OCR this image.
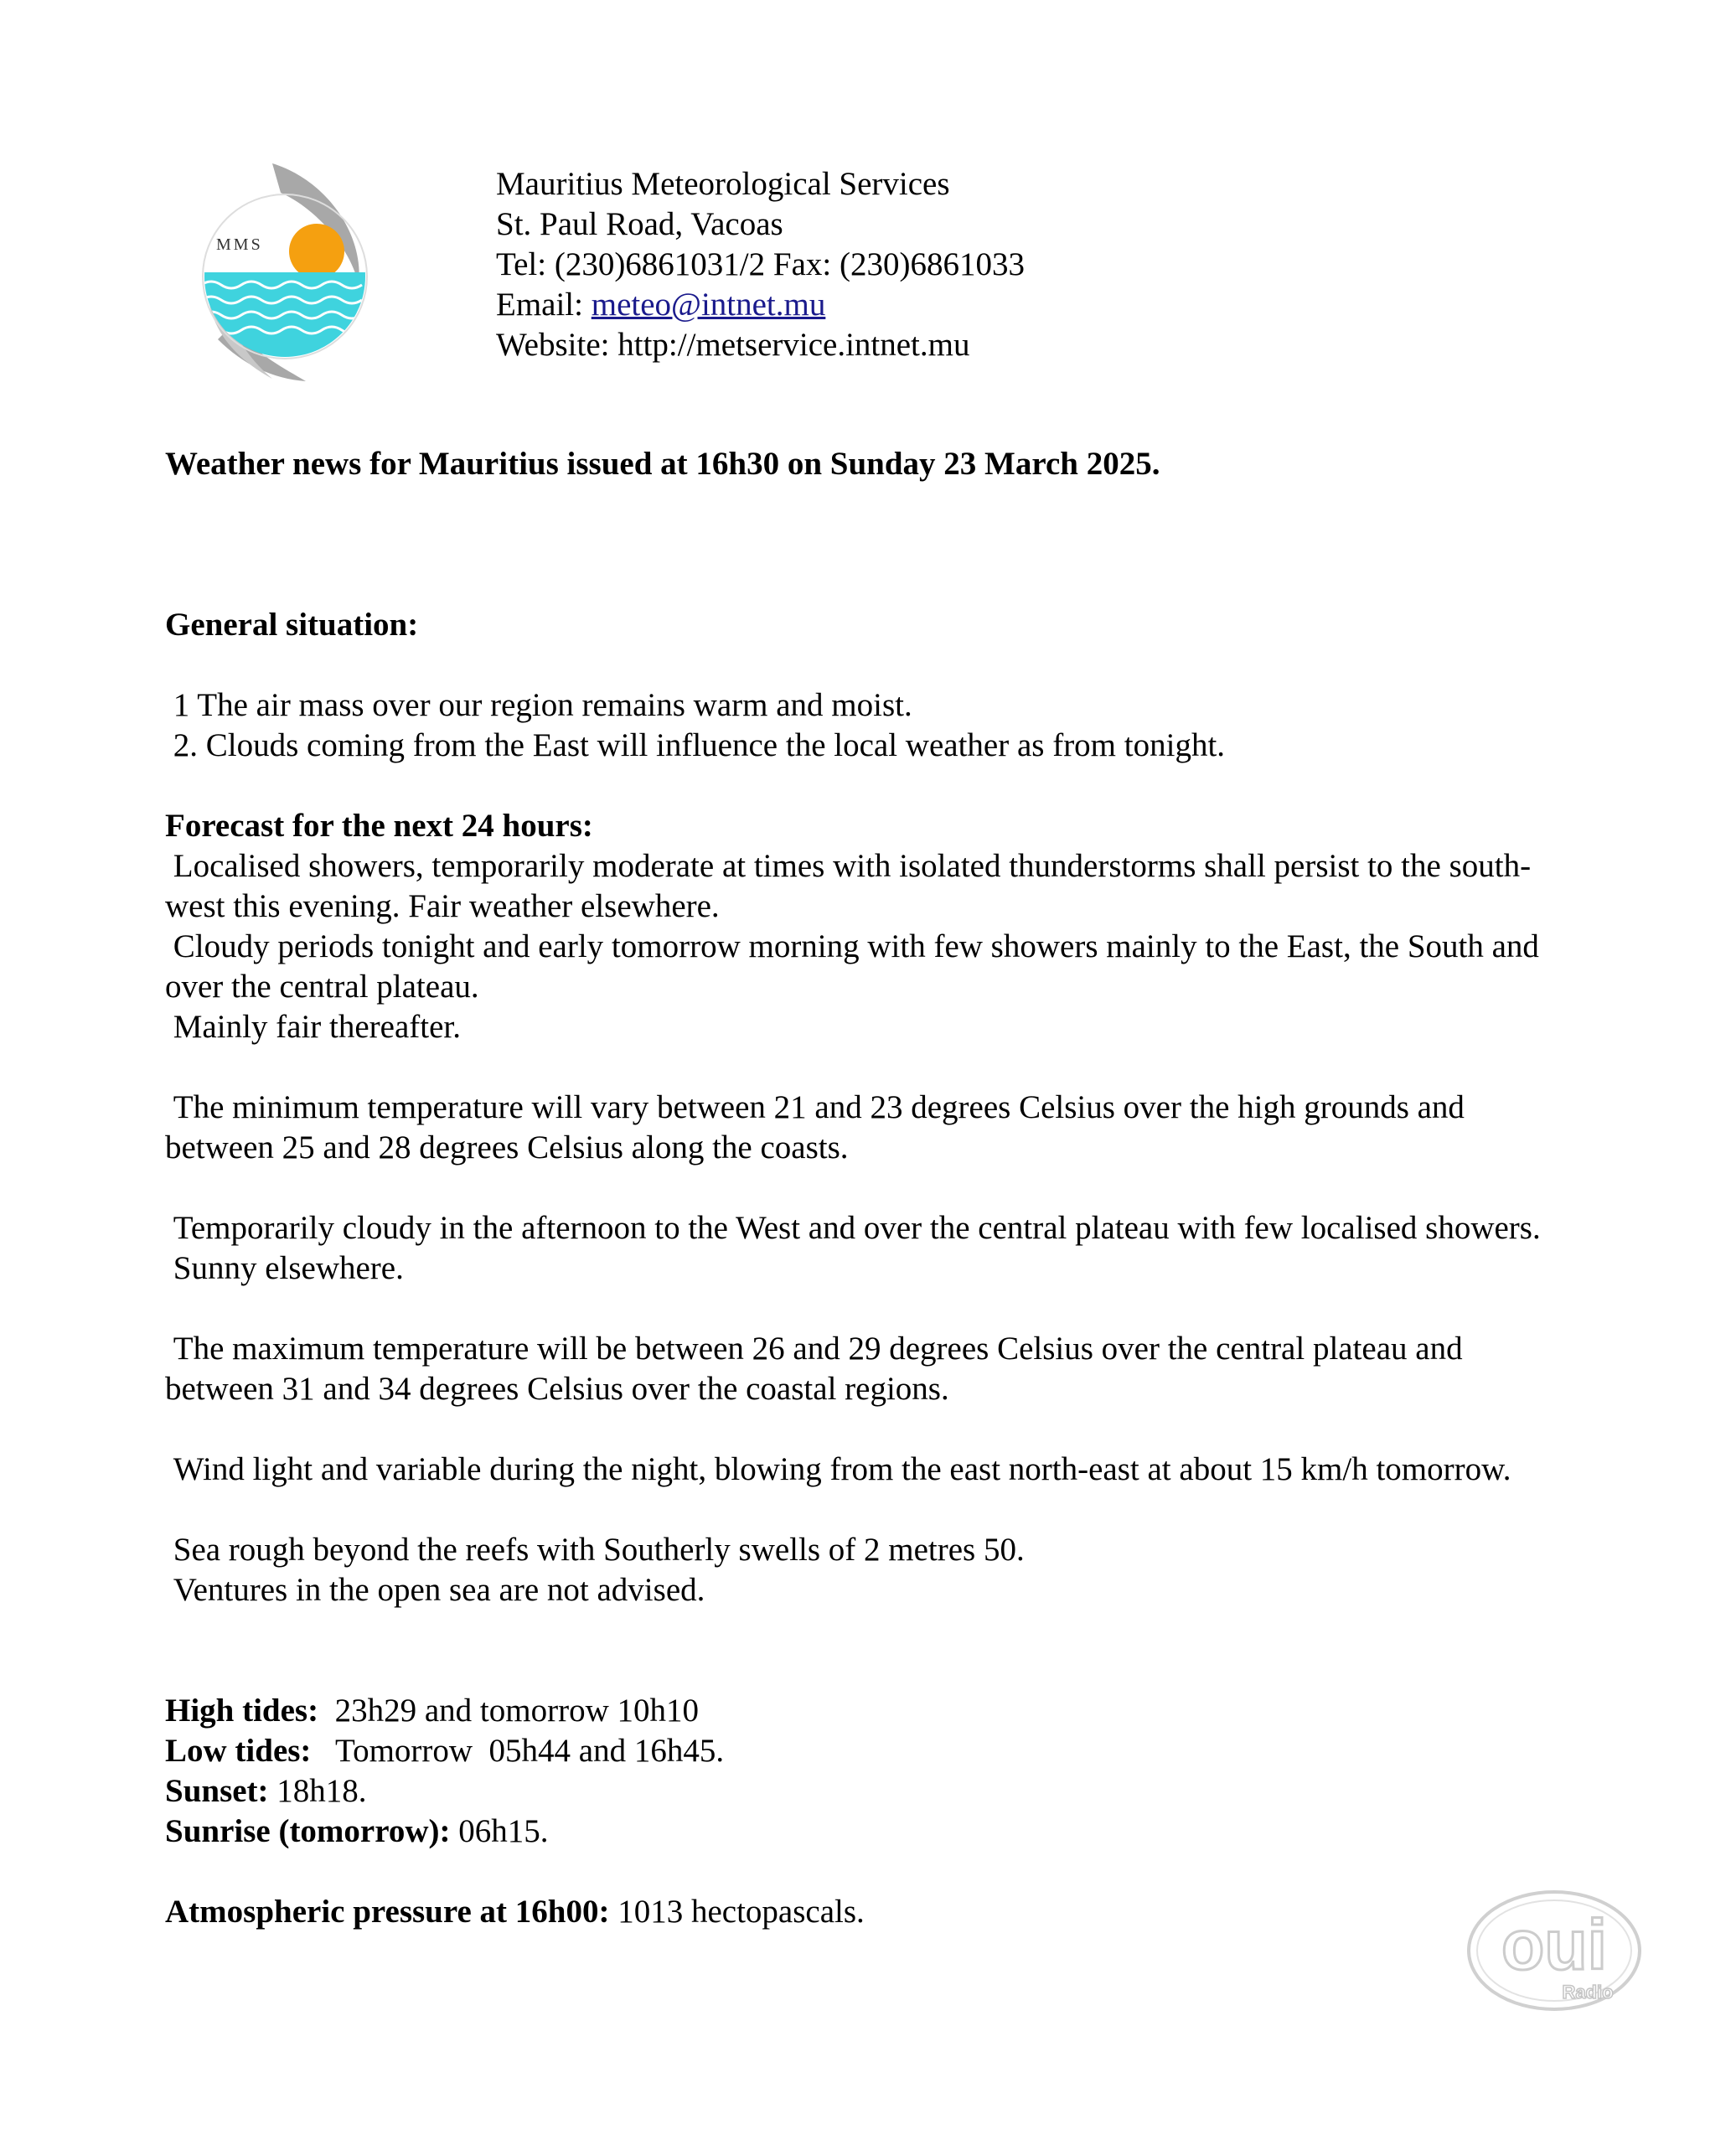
MMS
Mauritius Meteorological Services
St. Paul Road, Vacoas
Tel: (230)6861031/2 Fax: (230)6861033
Email: meteo@intnet.mu
Website: http://metservice.intnet.mu

Weather news for Mauritius issued at 16h30 on Sunday 23 March 2025.

General situation:

1 The air mass over our region remains warm and moist.

2. Clouds coming from the East will influence the local weather as from tonight.

Forecast for the next 24 hours:

Localised showers, temporarily moderate at times with isolated thunderstorms shall persist to the south-west this evening. Fair weather elsewhere.

Cloudy periods tonight and early tomorrow morning with few showers mainly to the East, the South and over the central plateau.

Mainly fair thereafter.

The minimum temperature will vary between 21 and 23 degrees Celsius over the high grounds and between 25 and 28 degrees Celsius along the coasts.

Temporarily cloudy in the afternoon to the West and over the central plateau with few localised showers.

Sunny elsewhere.

The maximum temperature will be between 26 and 29 degrees Celsius over the central plateau and between 31 and 34 degrees Celsius over the coastal regions.

Wind light and variable during the night, blowing from the east north-east at about 15 km/h tomorrow.

Sea rough beyond the reefs with Southerly swells of 2 metres 50.

Ventures in the open sea are not advised.

High tides:  23h29 and tomorrow 10h10

Low tides:   Tomorrow  05h44 and 16h45.

Sunset: 18h18.

Sunrise (tomorrow): 06h15.

Atmospheric pressure at 16h00: 1013 hectopascals.	oui
Radio
